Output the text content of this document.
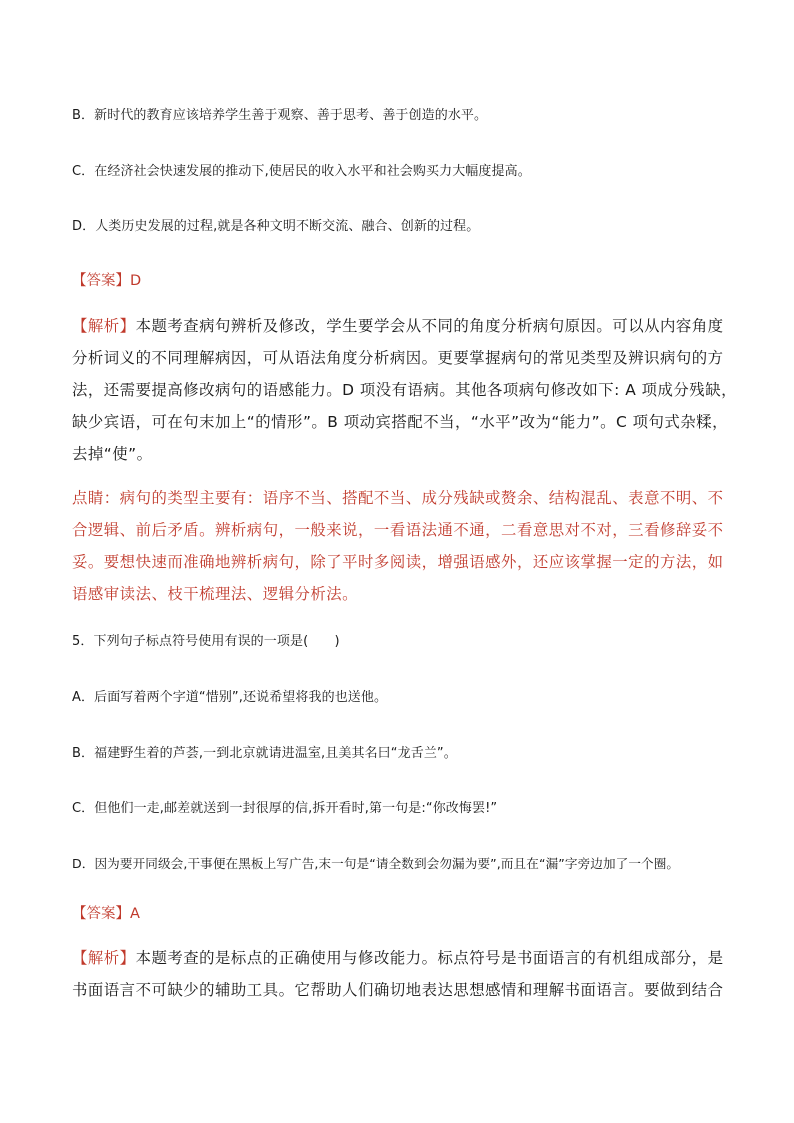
B．新时代的教育应该培养学生善于观察、善于思考、善于创造的水平。

C．在经济社会快速发展的推动下,使居民的收入水平和社会购买力大幅度提高。

D．人类历史发展的过程,就是各种文明不断交流、融合、创新的过程。

【答案】D

【解析】本题考查病句辨析及修改，学生要学会从不同的角度分析病句原因。可以从内容角度
分析词义的不同理解病因，可从语法角度分析病因。更要掌握病句的常见类型及辨识病句的方
法，还需要提高修改病句的语感能力。D 项没有语病。其他各项病句修改如下: A 项成分残缺，
缺少宾语，可在句末加上“的情形”。B 项动宾搭配不当，“水平”改为“能力”。C 项句式杂糅，
去掉“使”。
点睛：病句的类型主要有：语序不当、搭配不当、成分残缺或赘余、结构混乱、表意不明、不
合逻辑、前后矛盾。辨析病句，一般来说，一看语法通不通，二看意思对不对，三看修辞妥不
妥。要想快速而准确地辨析病句，除了平时多阅读，增强语感外，还应该掌握一定的方法，如
语感审读法、枝干梳理法、逻辑分析法。

5．下列句子标点符号使用有误的一项是(　　)

A．后面写着两个字道“惜别”,还说希望将我的也送他。

B．福建野生着的芦荟,一到北京就请进温室,且美其名曰“龙舌兰”。

C．但他们一走,邮差就送到一封很厚的信,拆开看时,第一句是:“你改悔罢!”

D．因为要开同级会,干事便在黑板上写广告,末一句是“请全数到会勿漏为要”,而且在“漏”字旁边加了一个圈。

【答案】A

【解析】本题考查的是标点的正确使用与修改能力。标点符号是书面语言的有机组成部分，是
书面语言不可缺少的辅助工具。它帮助人们确切地表达思想感情和理解书面语言。要做到结合
